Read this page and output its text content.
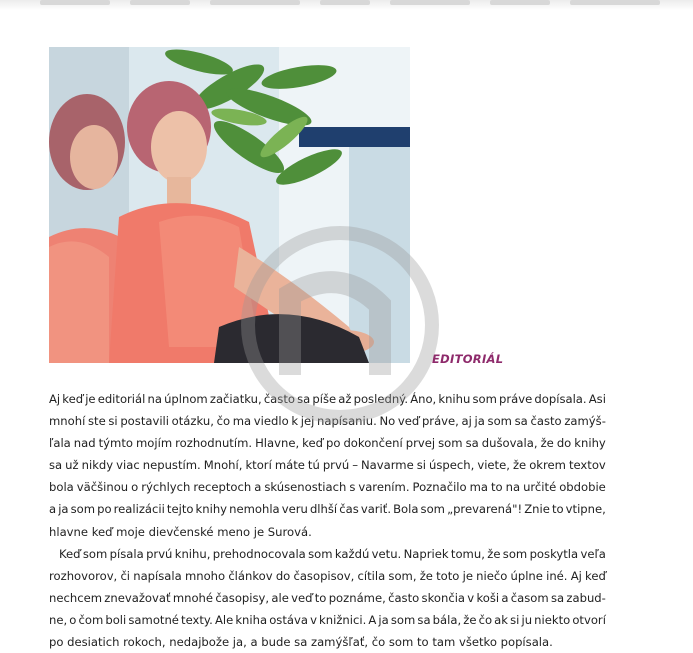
EDITORIÁL
Aj keď je editoriál na úplnom začiatku, často sa píše až posledný. Áno, knihu som práve dopísala. Asi
mnohí ste si postavili otázku, čo ma viedlo k jej napísaniu. No veď práve, aj ja som sa často zamýš-
ľala nad týmto mojím rozhodnutím. Hlavne, keď po dokončení prvej som sa dušovala, že do knihy
sa už nikdy viac nepustím. Mnohí, ktorí máte tú prvú – Navarme si úspech, viete, že okrem textov
bola väčšinou o rýchlych receptoch a skúsenostiach s varením. Poznačilo ma to na určité obdobie
a ja som po realizácii tejto knihy nemohla veru dlhší čas variť. Bola som „prevarená"! Znie to vtipne,
hlavne keď moje dievčenské meno je Surová.
Keď som písala prvú knihu, prehodnocovala som každú vetu. Napriek tomu, že som poskytla veľa
rozhovorov, či napísala mnoho článkov do časopisov, cítila som, že toto je niečo úplne iné. Aj keď
nechcem znevažovať mnohé časopisy, ale veď to poznáme, často skončia v koši a časom sa zabud-
ne, o čom boli samotné texty. Ale kniha ostáva v knižnici. A ja som sa bála, že čo ak si ju niekto otvorí
po desiatich rokoch, nedajbože ja, a bude sa zamýšľať, čo som to tam všetko popísala.
